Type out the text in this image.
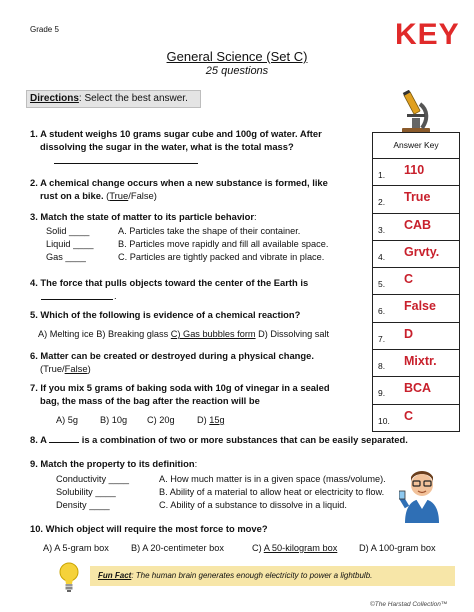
Grade 5	KEY
General Science (Set C)
25 questions
Directions: Select the best answer.
1. A student weighs 10 grams sugar cube and 100g of water. After
dissolving the sugar in the water, what is the total mass?
2. A chemical change occurs when a new substance is formed, like
rust on a bike. (True/False)
3. Match the state of matter to its particle behavior:
Solid ____	A. Particles take the shape of their container.
Liquid ____	B. Particles move rapidly and fill all available space.
Gas ____	C. Particles are tightly packed and vibrate in place.
4. The force that pulls objects toward the center of the Earth is
.
5. Which of the following is evidence of a chemical reaction?
A) Melting ice B) Breaking glass C) Gas bubbles form D) Dissolving salt
6. Matter can be created or destroyed during a physical change.
(True/False)
7. If you mix 5 grams of baking soda with 10g of vinegar in a sealed
bag, the mass of the bag after the reaction will be
A) 5g B) 10g C) 20g D) 15g
8. A	is a combination of two or more substances that can be easily separated.
9. Match the property to its definition:
Conductivity ____	A. How much matter is in a given space (mass/volume).
Solubility ____	B. Ability of a material to allow heat or electricity to flow.
Density ____	C. Ability of a substance to dissolve in a liquid.
10. Which object will require the most force to move?
A) A 5-gram box B) A 20-centimeter box	C) A 50-kilogram box D) A 100-gram box
Answer Key
1. 110
2. True
3. CAB
4. Grvty.
5. C
6. False
7. D
8. Mixtr.
9. BCA
10. C
Fun Fact: The human brain generates enough electricity to power a lightbulb.
©The Harstad Collection™
